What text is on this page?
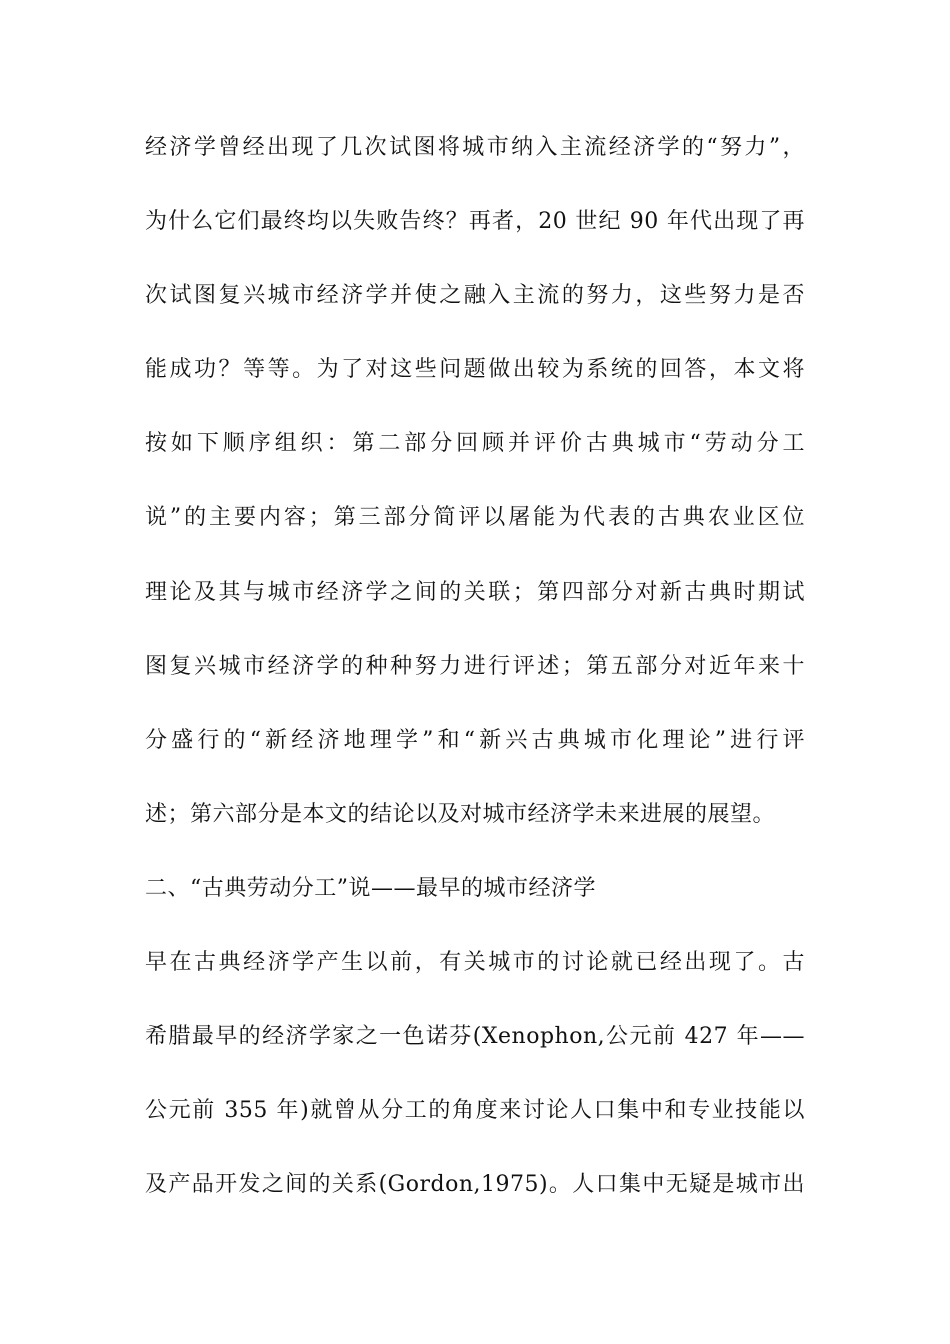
经济学曾经出现了几次试图将城市纳入主流经济学的“努力”，
为什么它们最终均以失败告终？再者，20 世纪 90 年代出现了再
次试图复兴城市经济学并使之融入主流的努力，这些努力是否
能成功？等等。为了对这些问题做出较为系统的回答，本文将
按如下顺序组织：第二部分回顾并评价古典城市“劳动分工
说”的主要内容；第三部分简评以屠能为代表的古典农业区位
理论及其与城市经济学之间的关联；第四部分对新古典时期试
图复兴城市经济学的种种努力进行评述；第五部分对近年来十
分盛行的“新经济地理学”和“新兴古典城市化理论”进行评
述；第六部分是本文的结论以及对城市经济学未来进展的展望。
二、“古典劳动分工”说——最早的城市经济学
早在古典经济学产生以前，有关城市的讨论就已经出现了。古
希腊最早的经济学家之一色诺芬(Xenophon,公元前 427 年——
公元前 355 年)就曾从分工的角度来讨论人口集中和专业技能以
及产品开发之间的关系(Gordon,1975)。人口集中无疑是城市出
